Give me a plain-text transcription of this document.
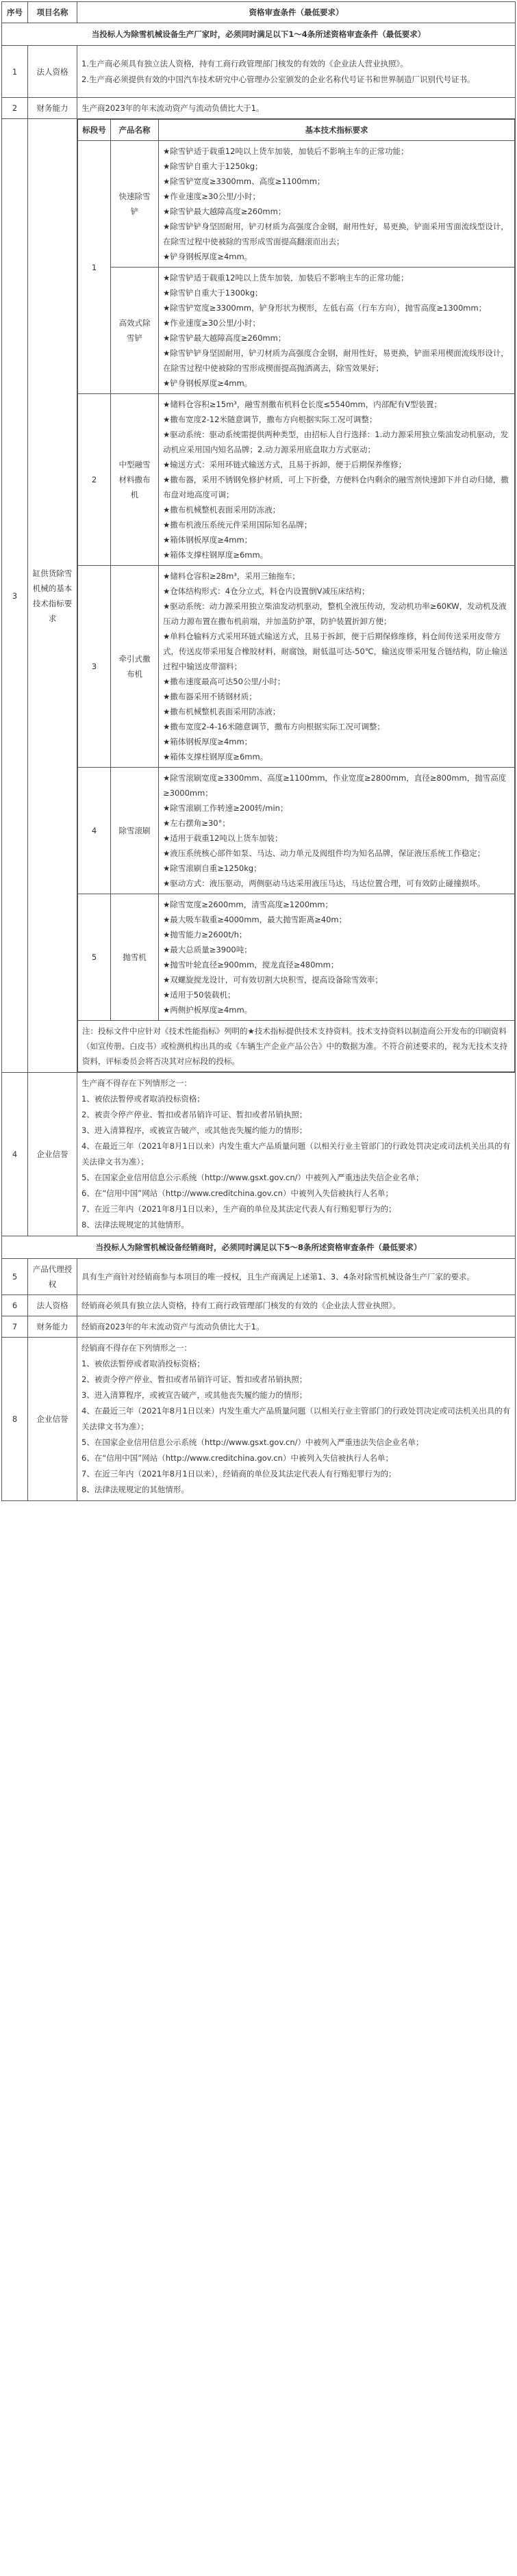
序号	项目名称	资格审查条件（最低要求）
当投标人为除雪机械设备生产厂家时，必须同时满足以下1～4条所述资格审查条件（最低要求）
1	法人资格	
1.生产商必须具有独立法人资格，持有工商行政管理部门核发的有效的《企业法人营业执照》。
2.生产商必须提供有效的中国汽车技术研究中心管理办公室颁发的企业名称代号证书和世界制造厂识别代号证书。

2	财务能力	生产商2023年的年末流动资产与流动负债比大于1。
3	缸供货除雪机械的基本技术指标要求	
标段号	产品名称	基本技术指标要求
1	快速除雪铲	
★除雪铲适于载重12吨以上货车加装，加装后不影响主车的正常功能；
★除雪铲自重大于1250kg；
★除雪铲宽度≥3300mm、高度≥1100mm；
★作业速度≥30公里/小时；
★除雪铲最大越障高度≥260mm；
★除雪铲铲身坚固耐用，铲刃材质为高强度合金钢，耐用性好，易更换，铲面采用雪面流线型设计，在除雪过程中使被除的雪形成雪面提高翻滚而出去；
★铲身钢板厚度≥4mm。

高效式除雪铲	
★除雪铲适于载重12吨以上货车加装，加装后不影响主车的正常功能；
★除雪铲自重大于1300kg；
★除雪铲宽度≥3300mm，铲身形状为楔形，左低右高（行车方向），抛雪高度≥1300mm；
★作业速度≥30公里/小时；
★除雪铲最大越障高度≥260mm；
★除雪铲铲身坚固耐用，铲刃材质为高强度合金钢，耐用性好，易更换，铲面采用楔面流线形设计，在除雪过程中使被除的雪形成楔面提高抛洒离去，除雪效果好；
★铲身钢板厚度≥4mm。

2	中型融雪材料撒布机	
★储料仓容积≥15m³，融雪剂撒布机料仓长度≤5540mm，内部配有V型装置；
★撒布宽度2-12米随意调节，撒布方向根据实际工况可调整；
★驱动系统：驱动系统需提供两种类型，由招标人自行选择：1.动力源采用独立柴油发动机驱动，发动机应采用国内知名品牌；2.动力源采用底盘取力方式驱动；
★输送方式：采用环链式输送方式，且易于拆卸，便于后期保养维修；
★撒布器，采用不锈钢免修护材质，可上下折叠，方便料仓内剩余的融雪剂快速卸下并自动归储，撒布盘对地高度可调；
★撒布机械整机表面采用防冻液；
★撒布机液压系统元件采用国际知名品牌；
★箱体钢板厚度≥4mm；
★箱体支撑柱钢厚度≥6mm。

3	牵引式撒布机	
★储料仓容积≥28m³，采用三轴拖车；
★仓体结构形式：4仓分立式，料仓内设置倒V减压床结构；
★驱动系统：动力源采用独立柴油发动机驱动，整机全液压传动，发动机功率≥60KW，发动机及液压动力源布置在撒布机前端，并加盖防护罩，防护装置折卸方便；
★单料仓输料方式采用环链式输送方式，且易于拆卸，便于后期保修维修，料仓间传送采用皮带方式，传送皮带采用复合橡胶材料，耐腐蚀，耐低温可达-50℃，输送皮带采用复合链结构，防止输送过程中输送皮带溜料；
★撒布速度最高可达50公里/小时；
★撒布器采用不锈钢材质；
★撒布机械整机表面采用防冻液；
★撒布宽度2-4-16米随意调节，撒布方向根据实际工况可调整；
★箱体钢板厚度≥4mm；
★箱体支撑柱钢厚度≥6mm。

4	除雪滚刷	
★除雪滚刷宽度≥3300mm、高度≥1100mm，作业宽度≥2800mm，直径≥800mm，抛雪高度≥3000mm；
★除雪滚刷工作转速≥200转/min；
★左右摆角≥30°；
★适用于载重12吨以上货车加装；
★液压系统核心部件如泵、马达、动力单元及阀组件均为知名品牌，保证液压系统工作稳定；
★除雪滚刷自重≥1250kg；
★驱动方式：液压驱动，两侧驱动马达采用液压马达，马达位置合理，可有效防止碰撞损坏。

5	抛雪机	
★除雪宽度≥2600mm，清雪高度≥1200mm；
★最大吸车载重≥4000mm，最大抛雪距离≥40m；
★抛雪能力≥2600t/h；
★最大总质量≥3900吨；
★抛雪叶轮直径≥900mm，搅龙直径≥480mm；
★双螺旋搅龙设计，可有效切割大块积雪，提高设备除雪效率；
★适用于50装载机；
★两侧护板厚度≥4mm。

注：投标文件中应针对《技术性能指标》列明的★技术指标提供技术支持资料。技术支持资料以制造商公开发布的印刷资料（如宣传册、白皮书）或检测机构出具的或《车辆生产企业产品公告》中的数据为准。不符合前述要求的，视为无技术支持资料，评标委员会将否决其对应标段的投标。

4	企业信誉	
生产商不得存在下列情形之一：
1、被依法暂停或者取消投标资格；
2、被责令停产停业、暂扣或者吊销许可证、暂扣或者吊销执照；
3、进入清算程序，或被宣告破产，或其他丧失履约能力的情形；
4、在最近三年（2021年8月1日以来）内发生重大产品质量问题（以相关行业主管部门的行政处罚决定或司法机关出具的有关法律文书为准）；
5、在国家企业信用信息公示系统（http://www.gsxt.gov.cn/）中被列入严重违法失信企业名单；
6、在“信用中国”网站（http://www.creditchina.gov.cn）中被列入失信被执行人名单；
7、在近三年内（2021年8月1日以来），生产商的单位及其法定代表人有行贿犯罪行为的；
8、法律法规规定的其他情形。

当投标人为除雪机械设备经销商时，必须同时满足以下5～8条所述资格审查条件（最低要求）
5	产品代理授权	具有生产商针对经销商参与本项目的唯一授权，且生产商满足上述第1、3、4条对除雪机械设备生产厂家的要求。
6	法人资格	经销商必须具有独立法人资格，持有工商行政管理部门核发的有效的《企业法人营业执照》。
7	财务能力	经销商2023年的年末流动资产与流动负债比大于1。
8	企业信誉	
经销商不得存在下列情形之一：
1、被依法暂停或者取消投标资格；
2、被责令停产停业、暂扣或者吊销许可证、暂扣或者吊销执照；
3、进入清算程序，或被宣告破产，或其他丧失履约能力的情形；
4、在最近三年（2021年8月1日以来）内发生重大产品质量问题（以相关行业主管部门的行政处罚决定或司法机关出具的有关法律文书为准）；
5、在国家企业信用信息公示系统（http://www.gsxt.gov.cn/）中被列入严重违法失信企业名单；
6、在“信用中国”网站（http://www.creditchina.gov.cn）中被列入失信被执行人名单；
7、在近三年内（2021年8月1日以来），经销商的单位及其法定代表人有行贿犯罪行为的；
8、法律法规规定的其他情形。
